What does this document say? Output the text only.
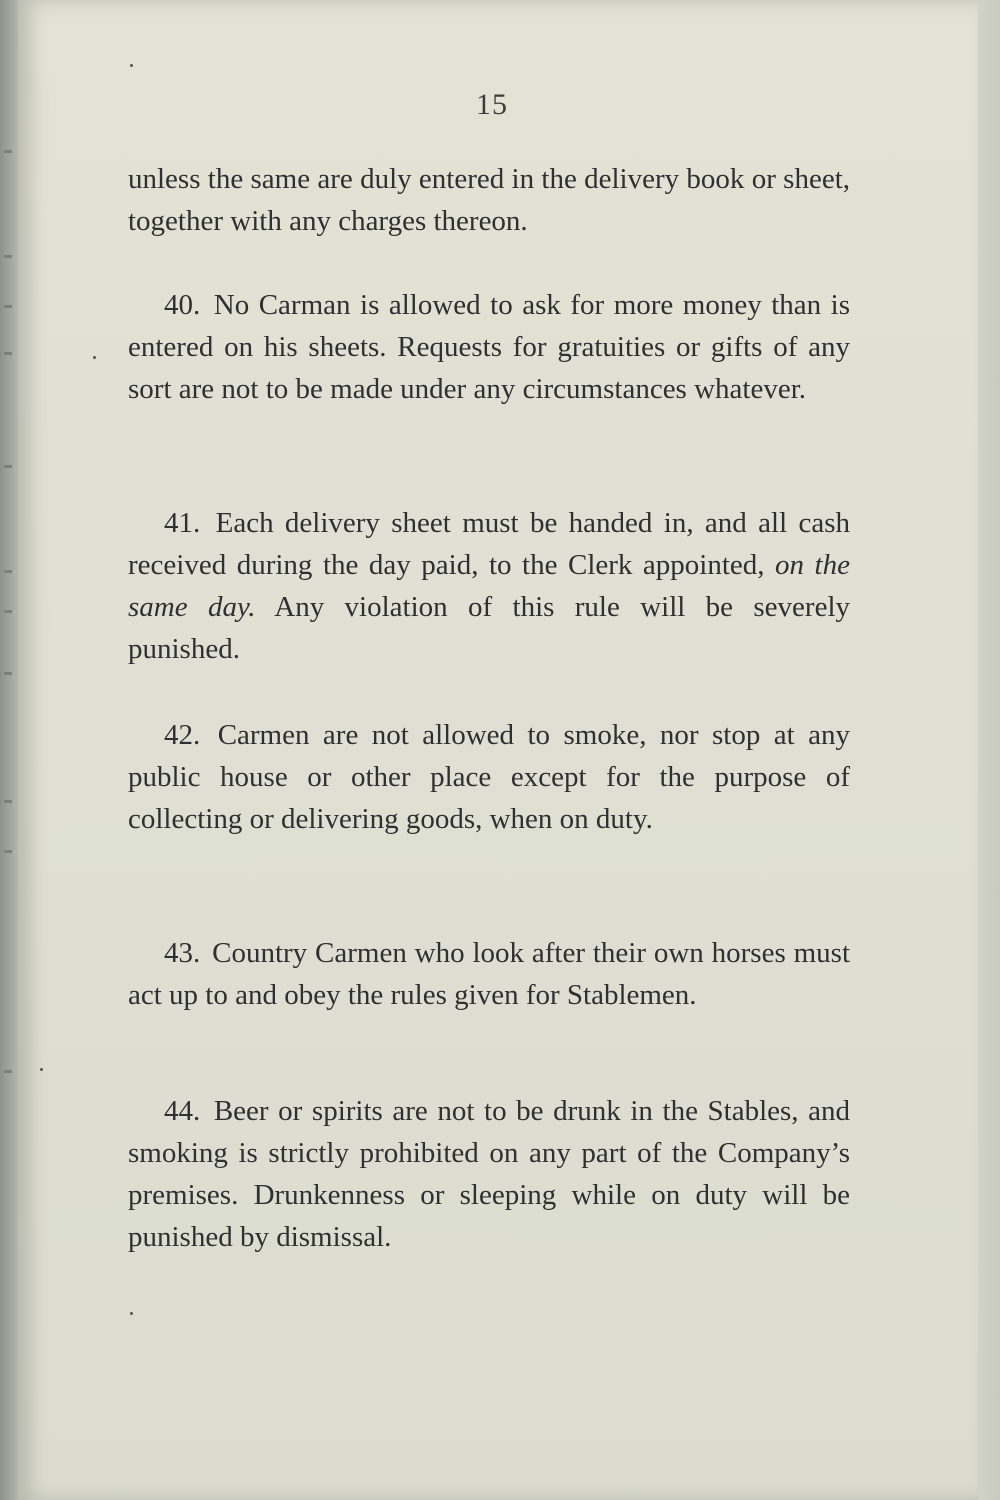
15
unless the same are duly entered in the delivery book or sheet, together with any charges thereon.
40. No Carman is allowed to ask for more money than is entered on his sheets. Requests for gratuities or gifts of any sort are not to be made under any circumstances whatever.
41. Each delivery sheet must be handed in, and all cash received during the day paid, to the Clerk appointed, on the same day. Any violation of this rule will be severely punished.
42. Carmen are not allowed to smoke, nor stop at any public house or other place except for the purpose of collecting or delivering goods, when on duty.
43. Country Carmen who look after their own horses must act up to and obey the rules given for Stablemen.
44. Beer or spirits are not to be drunk in the Stables, and smoking is strictly prohibited on any part of the Company’s premises. Drunkenness or sleeping while on duty will be punished by dismissal.
